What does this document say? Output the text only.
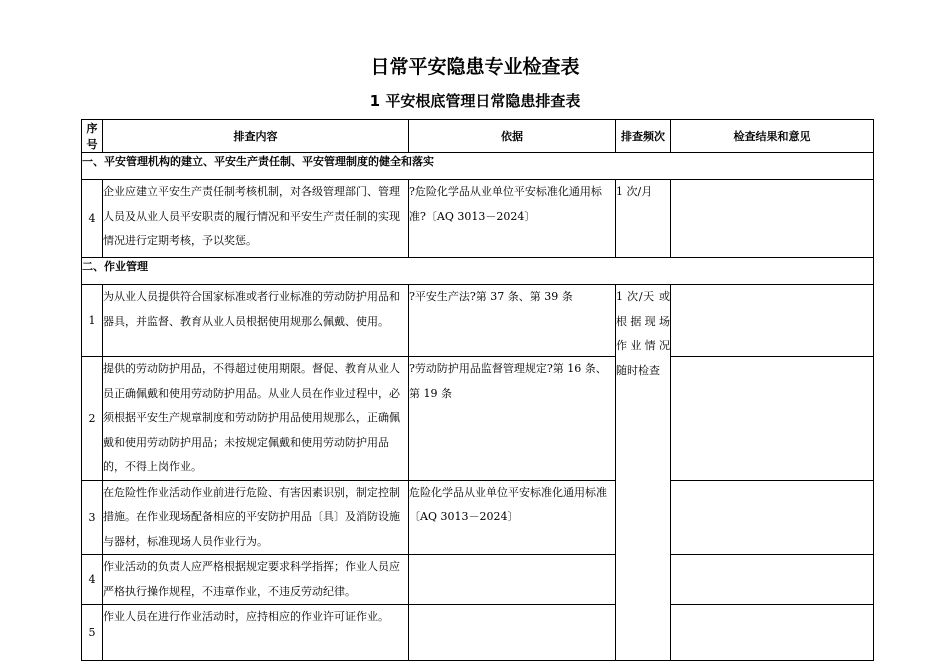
日常平安隐患专业检查表
1 平安根底管理日常隐患排查表
序号	排查内容	依据	排查频次	检查结果和意见
一、平安管理机构的建立、平安生产责任制、平安管理制度的健全和落实				
4	企业应建立平安生产责任制考核机制，对各级管理部门、管理人员及从业人员平安职责的履行情况和平安生产责任制的实现情况进行定期考核，予以奖惩。	?危险化学品从业单位平安标准化通用标准?〔AQ 3013－2024〕	1 次/月	
二、作业管理				
1	为从业人员提供符合国家标准或者行业标准的劳动防护用品和器具，并监督、教育从业人员根据使用规那么佩戴、使用。	?平安生产法?第 37 条、第 39 条	1 次/天 或根据现场作业情况随时检查	
2	提供的劳动防护用品，不得超过使用期限。督促、教育从业人员正确佩戴和使用劳动防护用品。从业人员在作业过程中，必须根据平安生产规章制度和劳动防护用品使用规那么，正确佩戴和使用劳动防护用品；未按规定佩戴和使用劳动防护用品的，不得上岗作业。	?劳动防护用品监督管理规定?第 16 条、第 19 条		
3	在危险性作业活动作业前进行危险、有害因素识别，制定控制措施。在作业现场配备相应的平安防护用品〔具〕及消防设施与器材，标准现场人员作业行为。	危险化学品从业单位平安标准化通用标准〔AQ 3013－2024〕		
4	作业活动的负责人应严格根据规定要求科学指挥；作业人员应严格执行操作规程，不违章作业，不违反劳动纪律。			
5	作业人员在进行作业活动时，应持相应的作业许可证作业。			
